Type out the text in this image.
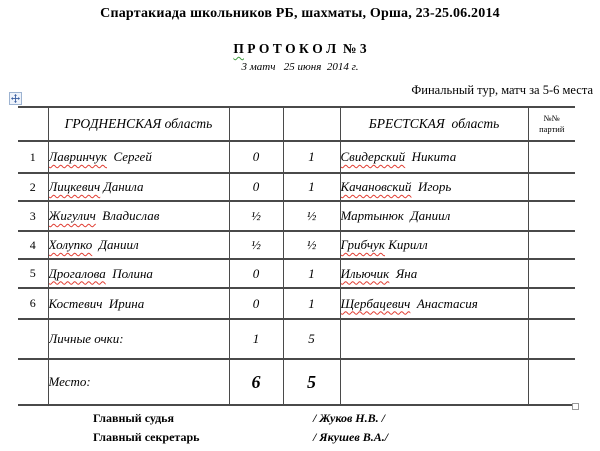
Спартакиада школьников РБ, шахматы, Орша, 23-25.06.2014
П Р О Т О К О Л  № 3
3 матч   25 июня  2014 г.
Финальный тур, матч за 5-6 места
	ГРОДНЕНСКАЯ область			БРЕСТСКАЯ  область	№№
партий

1	Лавринчук  Сергей	0	1	Свидерский  Никита	
2	Лицкевич Данила	0	1	Качановский  Игорь	
3	Жигулич  Владислав	½	½	Мартынюк  Даниил	
4	Холупко  Даниил	½	½	Грибчук Кирилл	
5	Дрогалова  Полина	0	1	Ильючик  Яна	
6	Костевич  Ирина	0	1	Щербацевич  Анастасия	
	Личные очки:	1	5		
	Место:	6	5		
Главный судья	/ Жуков Н.В. /
Главный секретарь	/ Якушев В.А./
